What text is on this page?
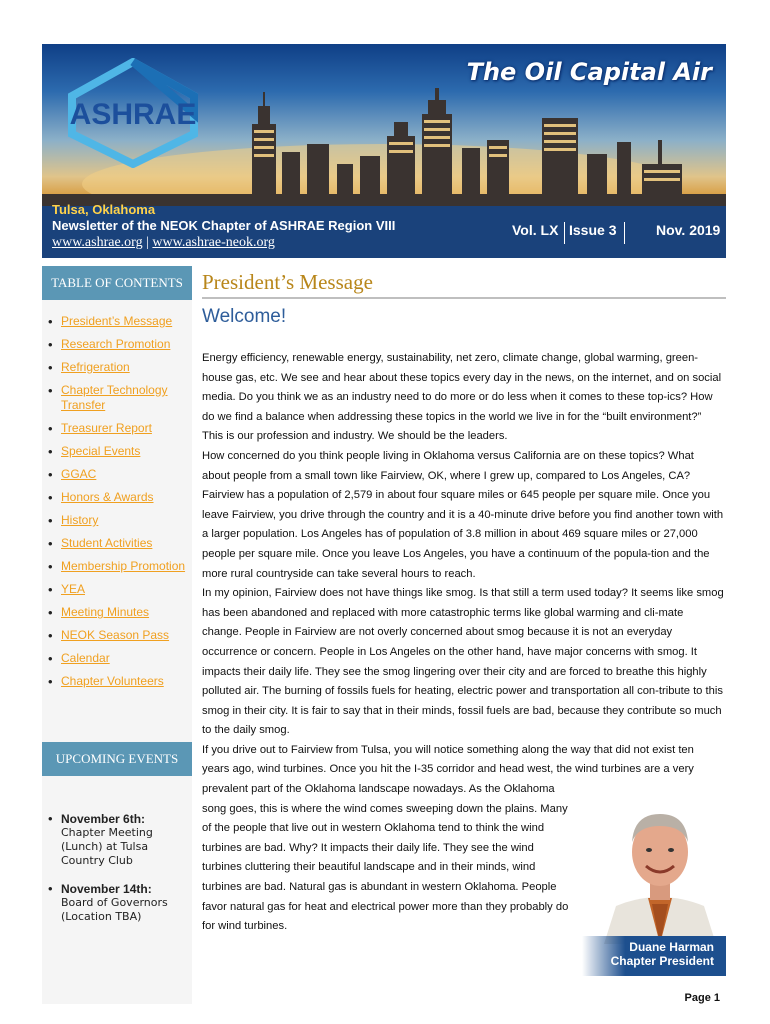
ASHRAE
The Oil Capital Air
Tulsa, Oklahoma
Newsletter of the NEOK Chapter of ASHRAE Region VIII
www.ashrae.org | www.ashrae-neok.org
Vol. LX Issue 3	Nov. 2019
TABLE OF CONTENTS
• President’s Message
• Research Promotion
• Refrigeration
• Chapter Technology Transfer
• Treasurer Report
• Special Events
• GGAC
• Honors & Awards
• History
• Student Activities
• Membership Promotion
• YEA
• Meeting Minutes
• NEOK Season Pass
• Calendar
• Chapter Volunteers
UPCOMING EVENTS
• November 6th:
Chapter Meeting (Lunch) at Tulsa Country Club
• November 14th:
Board of Governors (Location TBA)
President’s Message
Welcome!

Energy efficiency, renewable energy, sustainability, net zero, climate change, global warming, green-house gas, etc. We see and hear about these topics every day in the news, on the internet, and on social media. Do you think we as an industry need to do more or do less when it comes to these top-ics? How do we find a balance when addressing these topics in the world we live in for the “built environment?” This is our profession and industry. We should be the leaders.

How concerned do you think people living in Oklahoma versus California are on these topics? What about people from a small town like Fairview, OK, where I grew up, compared to Los Angeles, CA? Fairview has a population of 2,579 in about four square miles or 645 people per square mile. Once you leave Fairview, you drive through the country and it is a 40-minute drive before you find another town with a larger population. Los Angeles has of population of 3.8 million in about 469 square miles or 27,000 people per square mile. Once you leave Los Angeles, you have a continuum of the popula-tion and the more rural countryside can take several hours to reach.

In my opinion, Fairview does not have things like smog. Is that still a term used today? It seems like smog has been abandoned and replaced with more catastrophic terms like global warming and cli-mate change. People in Fairview are not overly concerned about smog because it is not an everyday occurrence or concern. People in Los Angeles on the other hand, have major concerns with smog. It impacts their daily life. They see the smog lingering over their city and are forced to breathe this highly polluted air. The burning of fossils fuels for heating, electric power and transportation all con-tribute to this smog in their city. It is fair to say that in their minds, fossil fuels are bad, because they contribute so much to the daily smog.

If you drive out to Fairview from Tulsa, you will notice something along the way that did not exist ten years ago, wind turbines. Once you hit the I-35 corridor and head west, the wind turbines are a very

prevalent part of the Oklahoma landscape nowadays. As the Oklahoma song goes, this is where the wind comes sweeping down the plains. Many of the people that live out in western Oklahoma tend to think the wind turbines are bad. Why? It impacts their daily life. They see the wind turbines cluttering their beautiful landscape and in their minds, wind turbines are bad. Natural gas is abundant in western Oklahoma. People favor natural gas for heat and electrical power more than they probably do for wind turbines.

Duane Harman
Chapter President
Page 1
